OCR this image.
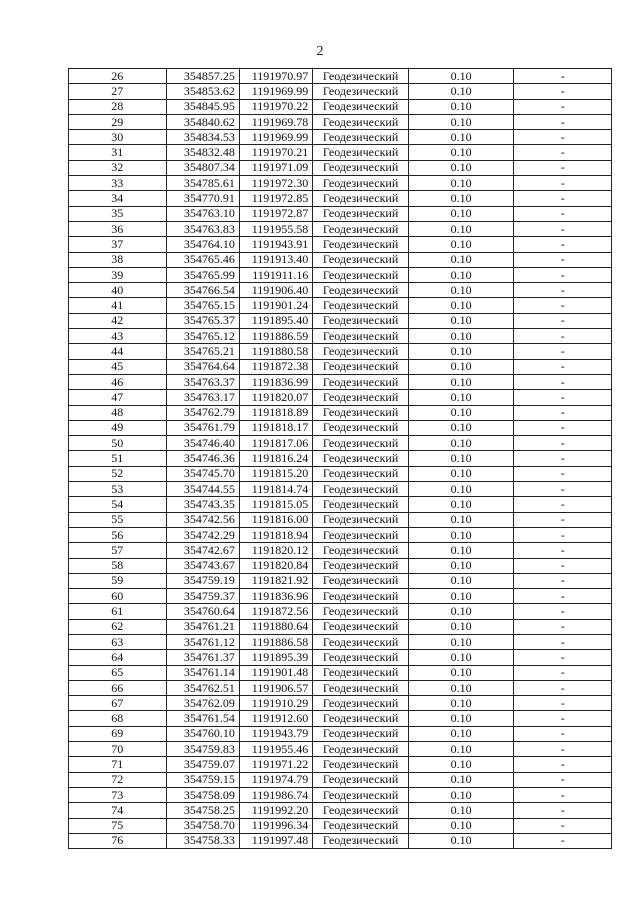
2
26	354857.25	1191970.97	Геодезический	0.10	-
27	354853.62	1191969.99	Геодезический	0.10	-
28	354845.95	1191970.22	Геодезический	0.10	-
29	354840.62	1191969.78	Геодезический	0.10	-
30	354834.53	1191969.99	Геодезический	0.10	-
31	354832.48	1191970.21	Геодезический	0.10	-
32	354807.34	1191971.09	Геодезический	0.10	-
33	354785.61	1191972.30	Геодезический	0.10	-
34	354770.91	1191972.85	Геодезический	0.10	-
35	354763.10	1191972.87	Геодезический	0.10	-
36	354763.83	1191955.58	Геодезический	0.10	-
37	354764.10	1191943.91	Геодезический	0.10	-
38	354765.46	1191913.40	Геодезический	0.10	-
39	354765.99	1191911.16	Геодезический	0.10	-
40	354766.54	1191906.40	Геодезический	0.10	-
41	354765.15	1191901.24	Геодезический	0.10	-
42	354765.37	1191895.40	Геодезический	0.10	-
43	354765.12	1191886.59	Геодезический	0.10	-
44	354765.21	1191880.58	Геодезический	0.10	-
45	354764.64	1191872.38	Геодезический	0.10	-
46	354763.37	1191836.99	Геодезический	0.10	-
47	354763.17	1191820.07	Геодезический	0.10	-
48	354762.79	1191818.89	Геодезический	0.10	-
49	354761.79	1191818.17	Геодезический	0.10	-
50	354746.40	1191817.06	Геодезический	0.10	-
51	354746.36	1191816.24	Геодезический	0.10	-
52	354745.70	1191815.20	Геодезический	0.10	-
53	354744.55	1191814.74	Геодезический	0.10	-
54	354743.35	1191815.05	Геодезический	0.10	-
55	354742.56	1191816.00	Геодезический	0.10	-
56	354742.29	1191818.94	Геодезический	0.10	-
57	354742.67	1191820.12	Геодезический	0.10	-
58	354743.67	1191820.84	Геодезический	0.10	-
59	354759.19	1191821.92	Геодезический	0.10	-
60	354759.37	1191836.96	Геодезический	0.10	-
61	354760.64	1191872.56	Геодезический	0.10	-
62	354761.21	1191880.64	Геодезический	0.10	-
63	354761.12	1191886.58	Геодезический	0.10	-
64	354761.37	1191895.39	Геодезический	0.10	-
65	354761.14	1191901.48	Геодезический	0.10	-
66	354762.51	1191906.57	Геодезический	0.10	-
67	354762.09	1191910.29	Геодезический	0.10	-
68	354761.54	1191912.60	Геодезический	0.10	-
69	354760.10	1191943.79	Геодезический	0.10	-
70	354759.83	1191955.46	Геодезический	0.10	-
71	354759.07	1191971.22	Геодезический	0.10	-
72	354759.15	1191974.79	Геодезический	0.10	-
73	354758.09	1191986.74	Геодезический	0.10	-
74	354758.25	1191992.20	Геодезический	0.10	-
75	354758.70	1191996.34	Геодезический	0.10	-
76	354758.33	1191997.48	Геодезический	0.10	-
